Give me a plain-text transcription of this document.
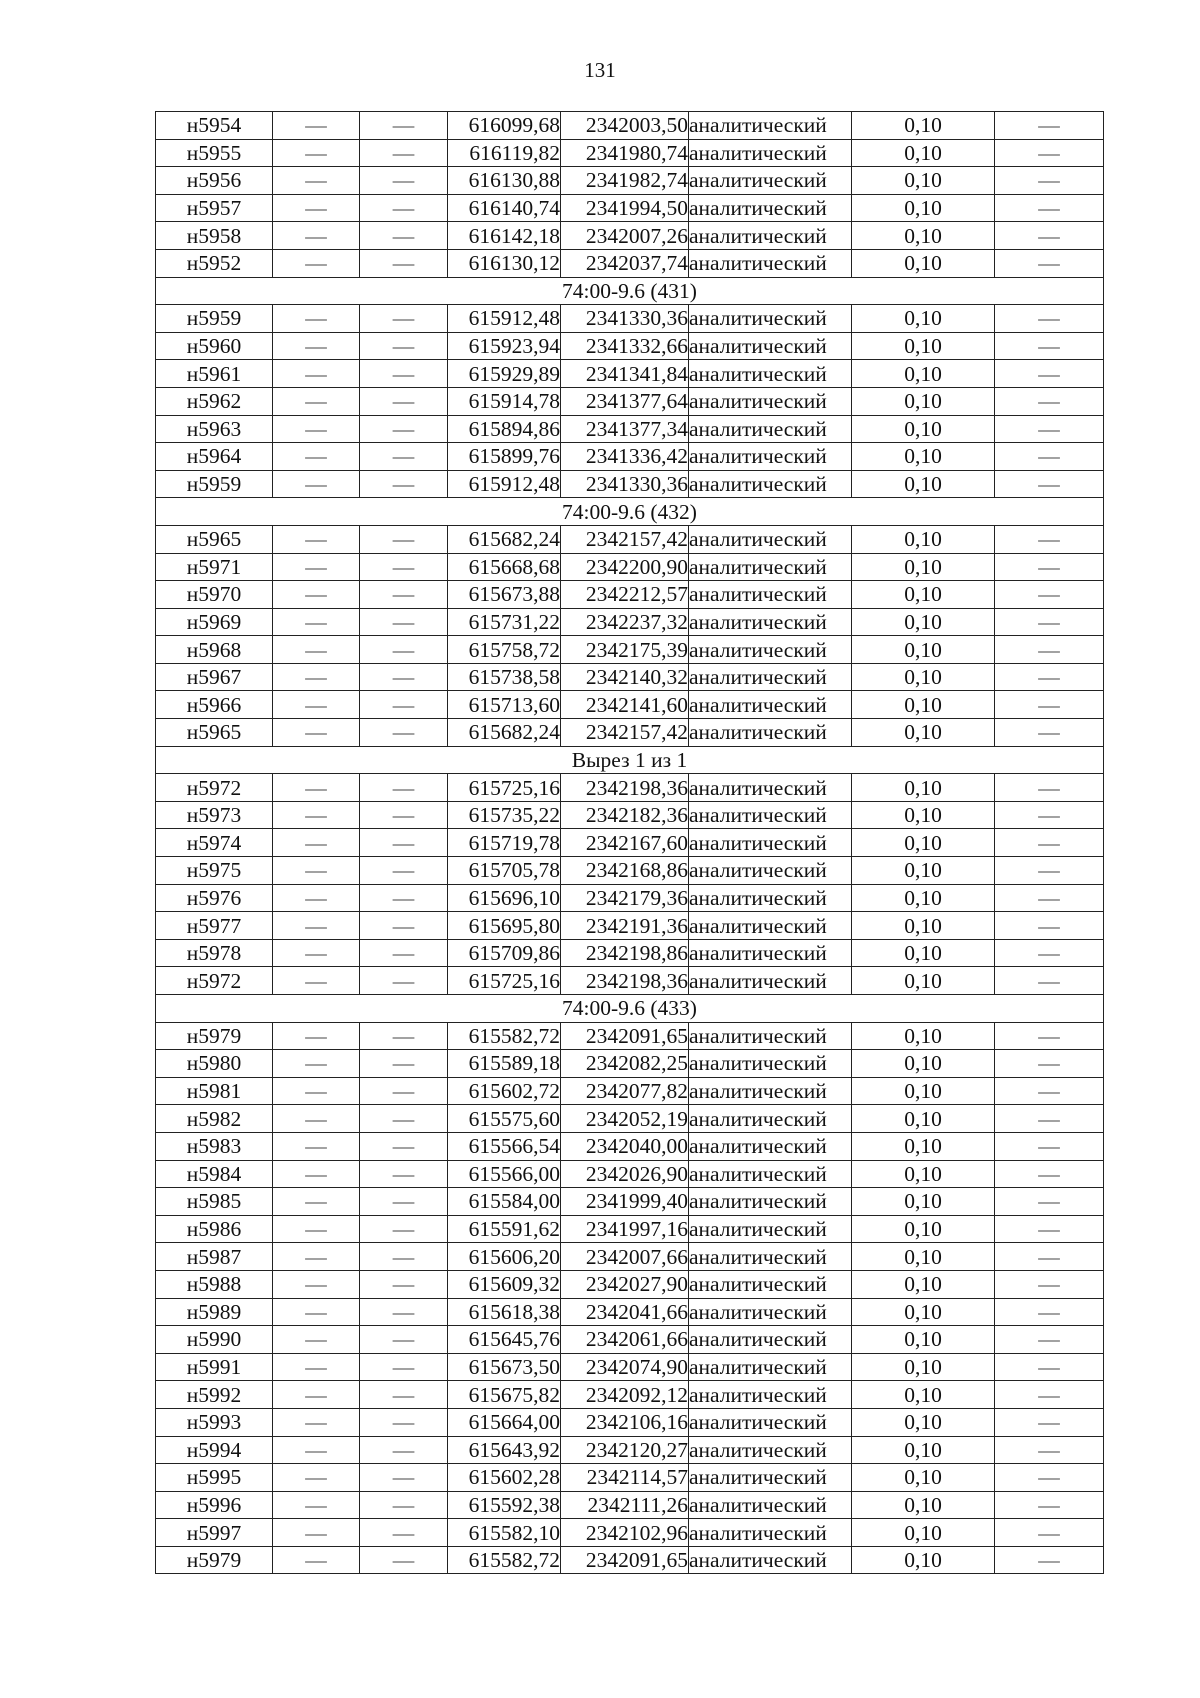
131
н5954	—	—	616099,68	2342003,50	аналитический	0,10	—
н5955	—	—	616119,82	2341980,74	аналитический	0,10	—
н5956	—	—	616130,88	2341982,74	аналитический	0,10	—
н5957	—	—	616140,74	2341994,50	аналитический	0,10	—
н5958	—	—	616142,18	2342007,26	аналитический	0,10	—
н5952	—	—	616130,12	2342037,74	аналитический	0,10	—
74:00-9.6 (431)							
н5959	—	—	615912,48	2341330,36	аналитический	0,10	—
н5960	—	—	615923,94	2341332,66	аналитический	0,10	—
н5961	—	—	615929,89	2341341,84	аналитический	0,10	—
н5962	—	—	615914,78	2341377,64	аналитический	0,10	—
н5963	—	—	615894,86	2341377,34	аналитический	0,10	—
н5964	—	—	615899,76	2341336,42	аналитический	0,10	—
н5959	—	—	615912,48	2341330,36	аналитический	0,10	—
74:00-9.6 (432)							
н5965	—	—	615682,24	2342157,42	аналитический	0,10	—
н5971	—	—	615668,68	2342200,90	аналитический	0,10	—
н5970	—	—	615673,88	2342212,57	аналитический	0,10	—
н5969	—	—	615731,22	2342237,32	аналитический	0,10	—
н5968	—	—	615758,72	2342175,39	аналитический	0,10	—
н5967	—	—	615738,58	2342140,32	аналитический	0,10	—
н5966	—	—	615713,60	2342141,60	аналитический	0,10	—
н5965	—	—	615682,24	2342157,42	аналитический	0,10	—
Вырез 1 из 1							
н5972	—	—	615725,16	2342198,36	аналитический	0,10	—
н5973	—	—	615735,22	2342182,36	аналитический	0,10	—
н5974	—	—	615719,78	2342167,60	аналитический	0,10	—
н5975	—	—	615705,78	2342168,86	аналитический	0,10	—
н5976	—	—	615696,10	2342179,36	аналитический	0,10	—
н5977	—	—	615695,80	2342191,36	аналитический	0,10	—
н5978	—	—	615709,86	2342198,86	аналитический	0,10	—
н5972	—	—	615725,16	2342198,36	аналитический	0,10	—
74:00-9.6 (433)							
н5979	—	—	615582,72	2342091,65	аналитический	0,10	—
н5980	—	—	615589,18	2342082,25	аналитический	0,10	—
н5981	—	—	615602,72	2342077,82	аналитический	0,10	—
н5982	—	—	615575,60	2342052,19	аналитический	0,10	—
н5983	—	—	615566,54	2342040,00	аналитический	0,10	—
н5984	—	—	615566,00	2342026,90	аналитический	0,10	—
н5985	—	—	615584,00	2341999,40	аналитический	0,10	—
н5986	—	—	615591,62	2341997,16	аналитический	0,10	—
н5987	—	—	615606,20	2342007,66	аналитический	0,10	—
н5988	—	—	615609,32	2342027,90	аналитический	0,10	—
н5989	—	—	615618,38	2342041,66	аналитический	0,10	—
н5990	—	—	615645,76	2342061,66	аналитический	0,10	—
н5991	—	—	615673,50	2342074,90	аналитический	0,10	—
н5992	—	—	615675,82	2342092,12	аналитический	0,10	—
н5993	—	—	615664,00	2342106,16	аналитический	0,10	—
н5994	—	—	615643,92	2342120,27	аналитический	0,10	—
н5995	—	—	615602,28	2342114,57	аналитический	0,10	—
н5996	—	—	615592,38	2342111,26	аналитический	0,10	—
н5997	—	—	615582,10	2342102,96	аналитический	0,10	—
н5979	—	—	615582,72	2342091,65	аналитический	0,10	—
